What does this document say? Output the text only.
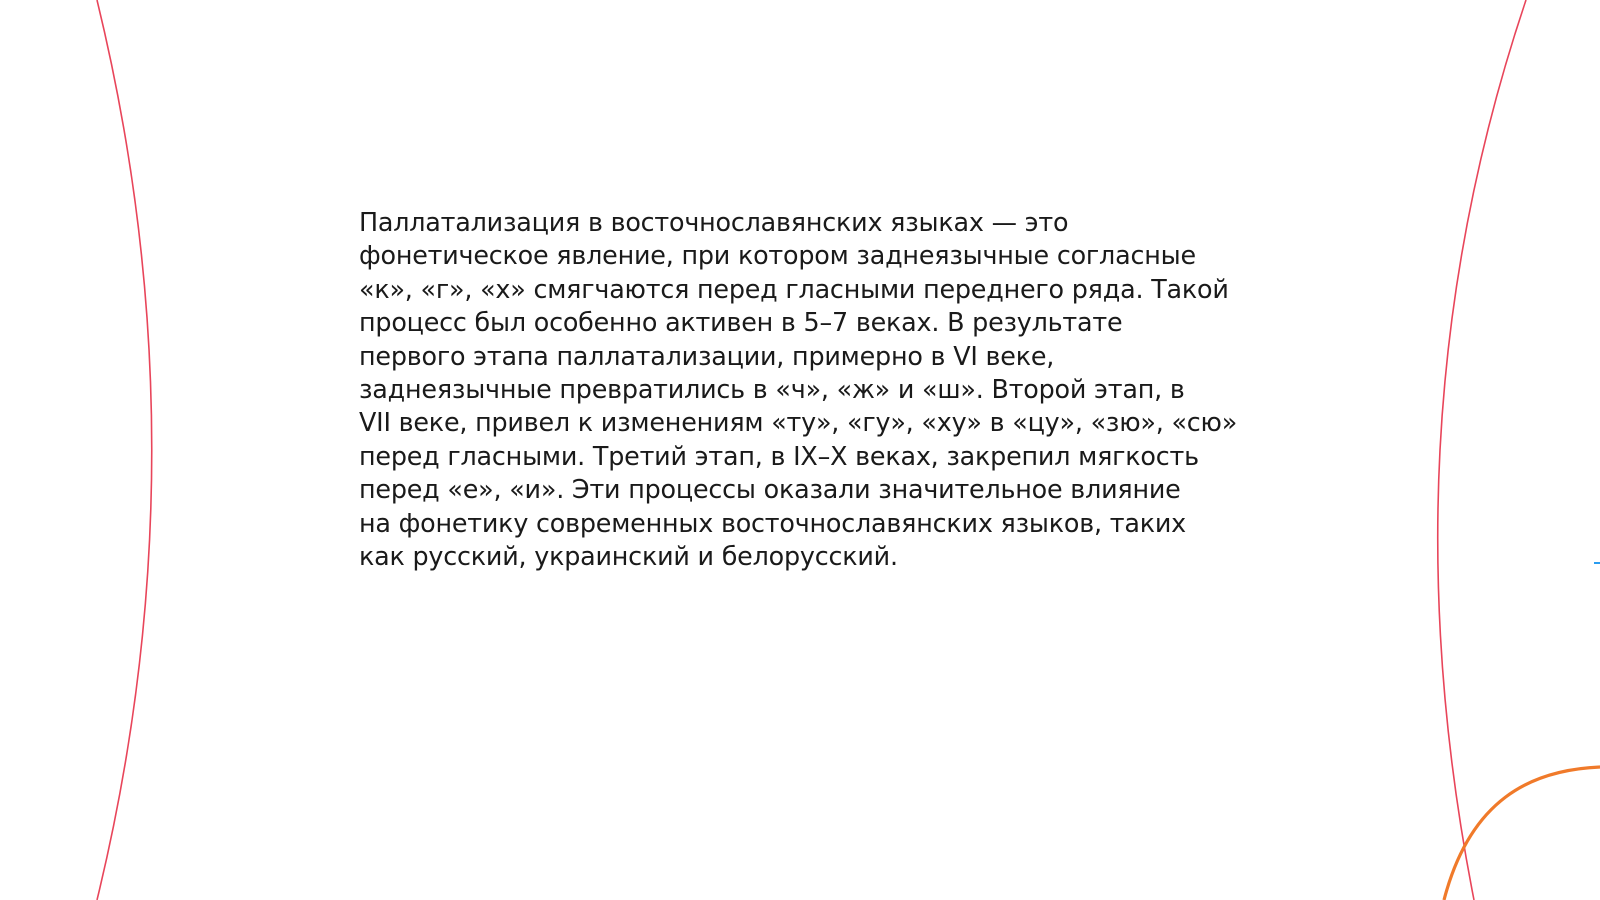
Паллатализация в восточнославянских языках — это
фонетическое явление, при котором заднеязычные согласные
«к», «г», «х» смягчаются перед гласными переднего ряда. Такой
процесс был особенно активен в 5–7 веках. В результате
первого этапа паллатализации, примерно в VI веке,
заднеязычные превратились в «ч», «ж» и «ш». Второй этап, в
VII веке, привел к изменениям «ту», «гу», «ху» в «цу», «зю», «сю»
перед гласными. Третий этап, в IX–X веках, закрепил мягкость
перед «е», «и». Эти процессы оказали значительное влияние
на фонетику современных восточнославянских языков, таких
как русский, украинский и белорусский.
